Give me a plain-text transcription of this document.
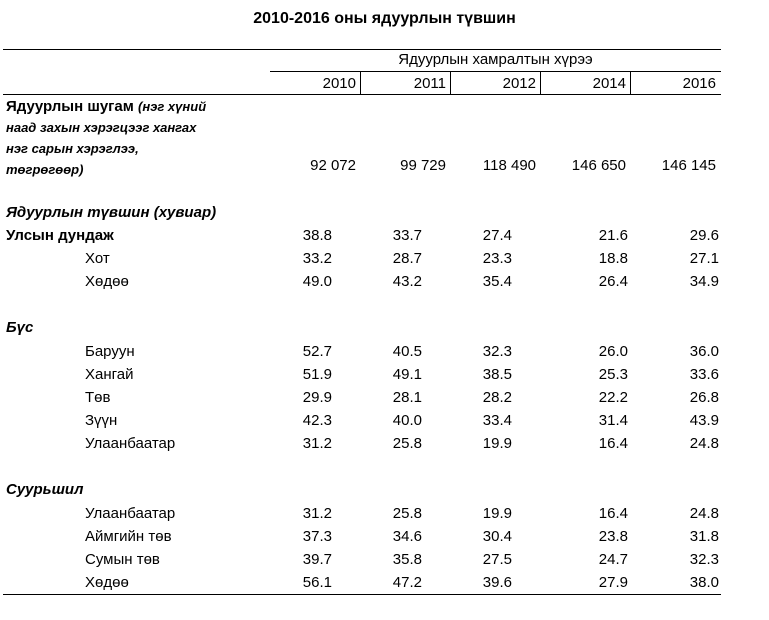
2010-2016 оны ядуурлын түвшин
Ядуурлын хамралтын хүрээ
2010	2011	2012	2014	2016
Ядуурлын шугам (нэг хүний
наад захын хэрэгцээг хангах
нэг сарын хэрэглээ,
төгрөгөөр)	92 072	99 729	118 490	146 650	146 145
Ядуурлын түвшин (хувиар)
Улсын дундаж	38.8	33.7	27.4	21.6	29.6
Хот	33.2	28.7	23.3	18.8	27.1
Хөдөө	49.0	43.2	35.4	26.4	34.9
Бүс
Баруун	52.7	40.5	32.3	26.0	36.0
Хангай	51.9	49.1	38.5	25.3	33.6
Төв	29.9	28.1	28.2	22.2	26.8
Зүүн	42.3	40.0	33.4	31.4	43.9
Улаанбаатар	31.2	25.8	19.9	16.4	24.8
Суурьшил
Улаанбаатар	31.2	25.8	19.9	16.4	24.8
Аймгийн төв	37.3	34.6	30.4	23.8	31.8
Сумын төв	39.7	35.8	27.5	24.7	32.3
Хөдөө	56.1	47.2	39.6	27.9	38.0
